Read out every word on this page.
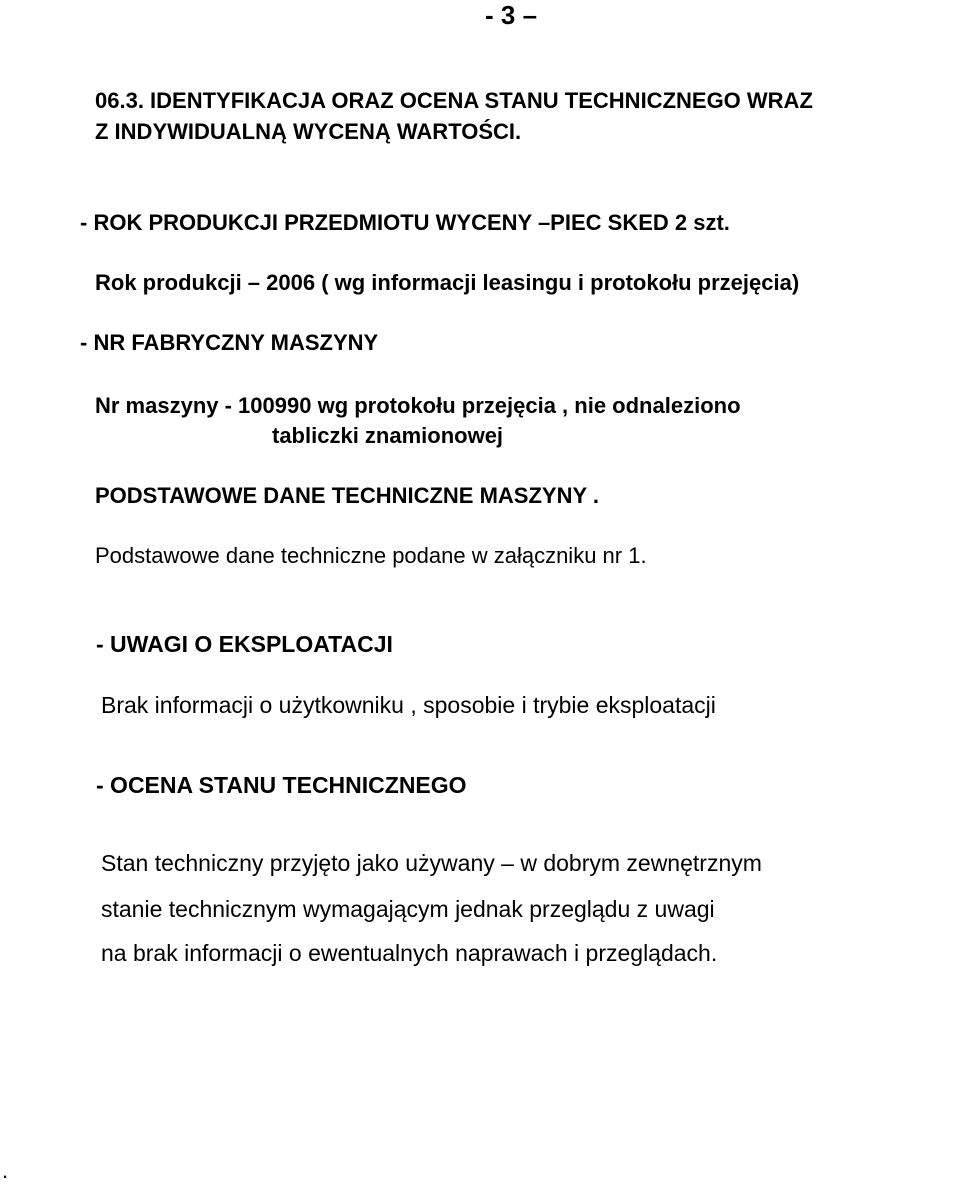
- 3 –
06.3. IDENTYFIKACJA ORAZ OCENA STANU TECHNICZNEGO WRAZ
Z INDYWIDUALNĄ WYCENĄ WARTOŚCI.
- ROK PRODUKCJI PRZEDMIOTU WYCENY –PIEC SKED 2 szt.
Rok produkcji – 2006 ( wg informacji leasingu i protokołu przejęcia)
- NR FABRYCZNY MASZYNY
Nr maszyny - 100990 wg protokołu przejęcia , nie odnaleziono
tabliczki znamionowej
PODSTAWOWE DANE TECHNICZNE MASZYNY .
Podstawowe dane techniczne podane w załączniku nr 1.
- UWAGI O EKSPLOATACJI
Brak informacji o użytkowniku , sposobie i trybie eksploatacji
- OCENA STANU TECHNICZNEGO
Stan techniczny przyjęto jako używany – w dobrym zewnętrznym
stanie technicznym wymagającym jednak przeglądu z uwagi
na brak informacji o ewentualnych naprawach i przeglądach.
.
